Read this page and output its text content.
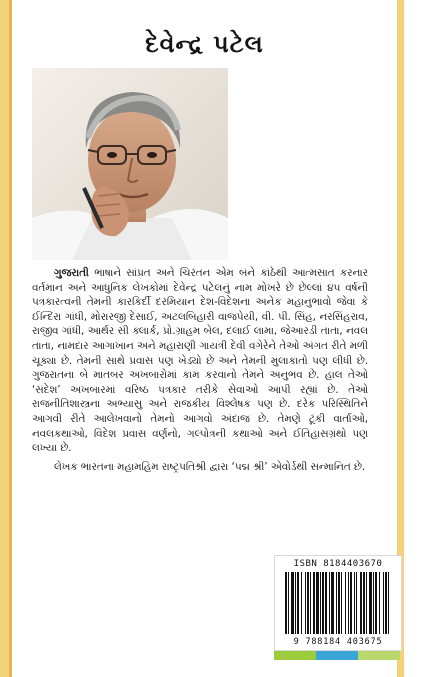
દેવેન્દ્ર પટેલ

ગુજરાતી ભાષાને સાંપ્રત અને ચિરંતન એમ બંને કાંઠેથી આત્મસાત કરનાર વર્તમાન અને આધુનિક લેખકોમાં દેવેન્દ્ર પટેલનું નામ મોખરે છે છેલ્લાં ૪૫ વર્ષની પત્રકારત્વની તેમની કારકિર્દી દરમિયાન દેશ-વિદેશના અનેક મહાનુભાવો જેવા કે ઈન્દિરા ગાંધી, મોરારજી દેસાઈ, અટલબિહારી વાજપેયી, વી. પી. સિંહ, નરસિંહરાવ, રાજીવ ગાંધી, આર્થર સી ક્લાર્ક, પ્રો.ગ્રાહમ બેલ, દલાઈ લામા, જેઆરડી તાતા, નવલ તાતા, નામદાર આગાખાન અને મહારાણી ગાયત્રી દેવી વગેરેને તેઓ અંગત રીતે મળી ચૂક્યા છે. તેમની સાથે પ્રવાસ પણ ખેડ્યો છે અને તેમની મુલાકાતો પણ લીધી છે. ગુજરાતના બે માતબર અખબારોમાં કામ કરવાનો તેમને અનુભવ છે. હાલ તેઓ ‘સંદેશ’ અખબારમાં વરિષ્ઠ પત્રકાર તરીકે સેવાઓ આપી રહ્યાં છે. તેઓ રાજનીતિશાસ્ત્રના અભ્યાસુ અને રાજકીય વિશ્લેષક પણ છે. દરેક પરિસ્થિતિને આગવી રીતે આલેખવાનો તેમનો આગવો અંદાજ છે. તેમણે ટૂંકી વાર્તાઓ, નવલકથાઓ, વિદેશ પ્રવાસ વર્ણનો, ગલ્પોત્રની કથાઓ અને ઈતિહાસગ્રંથો પણ લખ્યા છે.

લેખક ભારતના મહામહિમ રાષ્ટ્રપતિશ્રી દ્વારા ‘પદ્મ શ્રી’ એવોર્ડથી સન્માનિત છે.

ISBN 8184403670
9 788184 403675
